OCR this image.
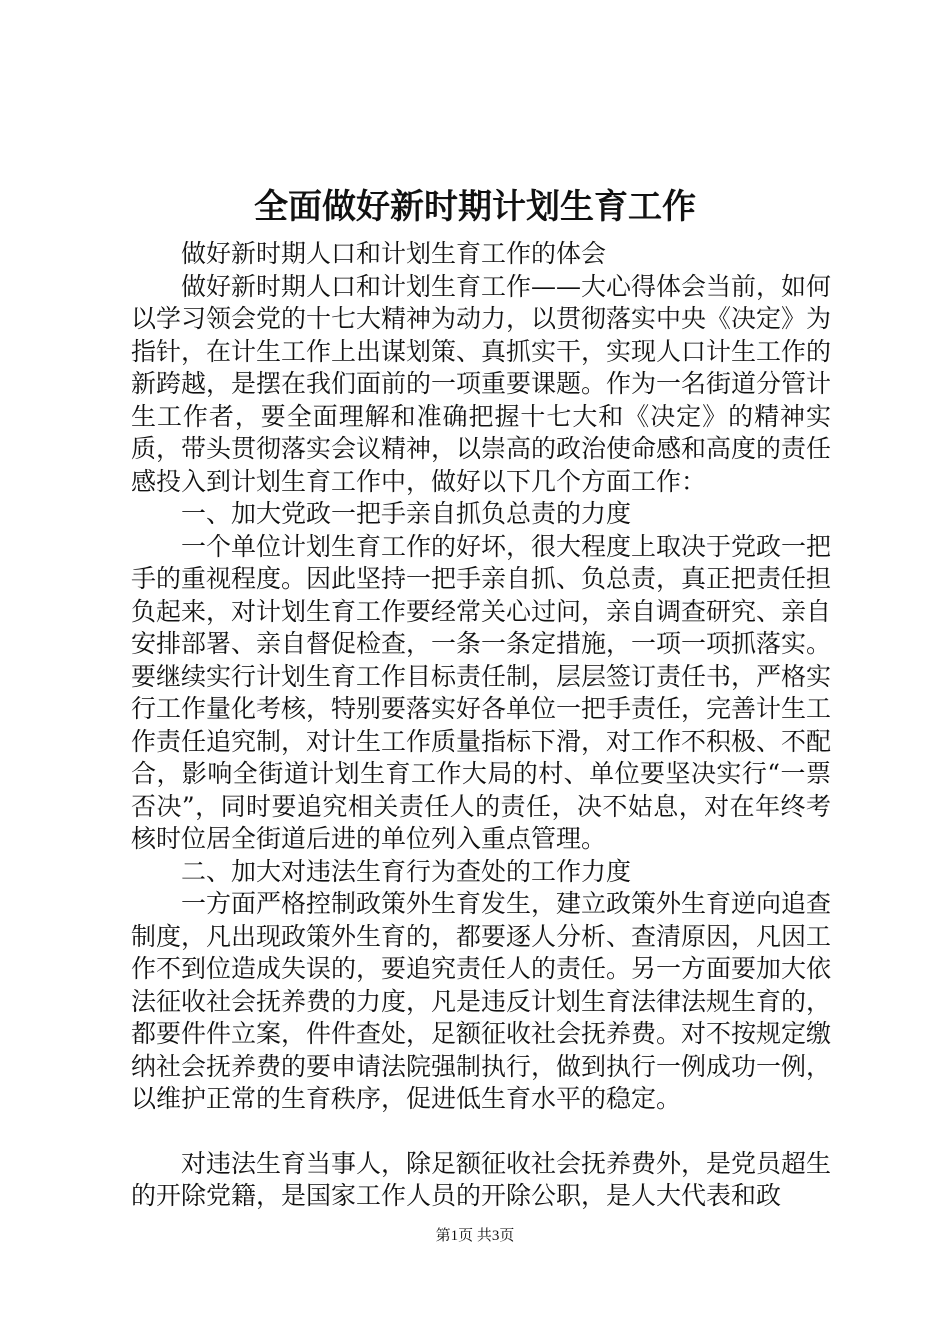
全面做好新时期计划生育工作

做好新时期人口和计划生育工作的体会

做好新时期人口和计划生育工作——大心得体会当前，如何以学习领会党的十七大精神为动力，以贯彻落实中央《决定》为指针，在计生工作上出谋划策、真抓实干，实现人口计生工作的新跨越，是摆在我们面前的一项重要课题。作为一名街道分管计生工作者，要全面理解和准确把握十七大和《决定》的精神实质，带头贯彻落实会议精神，以崇高的政治使命感和高度的责任感投入到计划生育工作中，做好以下几个方面工作：

一、加大党政一把手亲自抓负总责的力度

一个单位计划生育工作的好坏，很大程度上取决于党政一把手的重视程度。因此坚持一把手亲自抓、负总责，真正把责任担负起来，对计划生育工作要经常关心过问，亲自调查研究、亲自安排部署、亲自督促检查，一条一条定措施，一项一项抓落实。要继续实行计划生育工作目标责任制，层层签订责任书，严格实行工作量化考核，特别要落实好各单位一把手责任，完善计生工作责任追究制，对计生工作质量指标下滑，对工作不积极、不配合，影响全街道计划生育工作大局的村、单位要坚决实行“一票否决”，同时要追究相关责任人的责任，决不姑息，对在年终考核时位居全街道后进的单位列入重点管理。

二、加大对违法生育行为查处的工作力度

一方面严格控制政策外生育发生，建立政策外生育逆向追查制度，凡出现政策外生育的，都要逐人分析、查清原因，凡因工作不到位造成失误的，要追究责任人的责任。另一方面要加大依法征收社会抚养费的力度，凡是违反计划生育法律法规生育的，都要件件立案，件件查处，足额征收社会抚养费。对不按规定缴纳社会抚养费的要申请法院强制执行，做到执行一例成功一例，以维护正常的生育秩序，促进低生育水平的稳定。

对违法生育当事人，除足额征收社会抚养费外，是党员超生的开除党籍，是国家工作人员的开除公职，是人大代表和政

第1页 共3页
